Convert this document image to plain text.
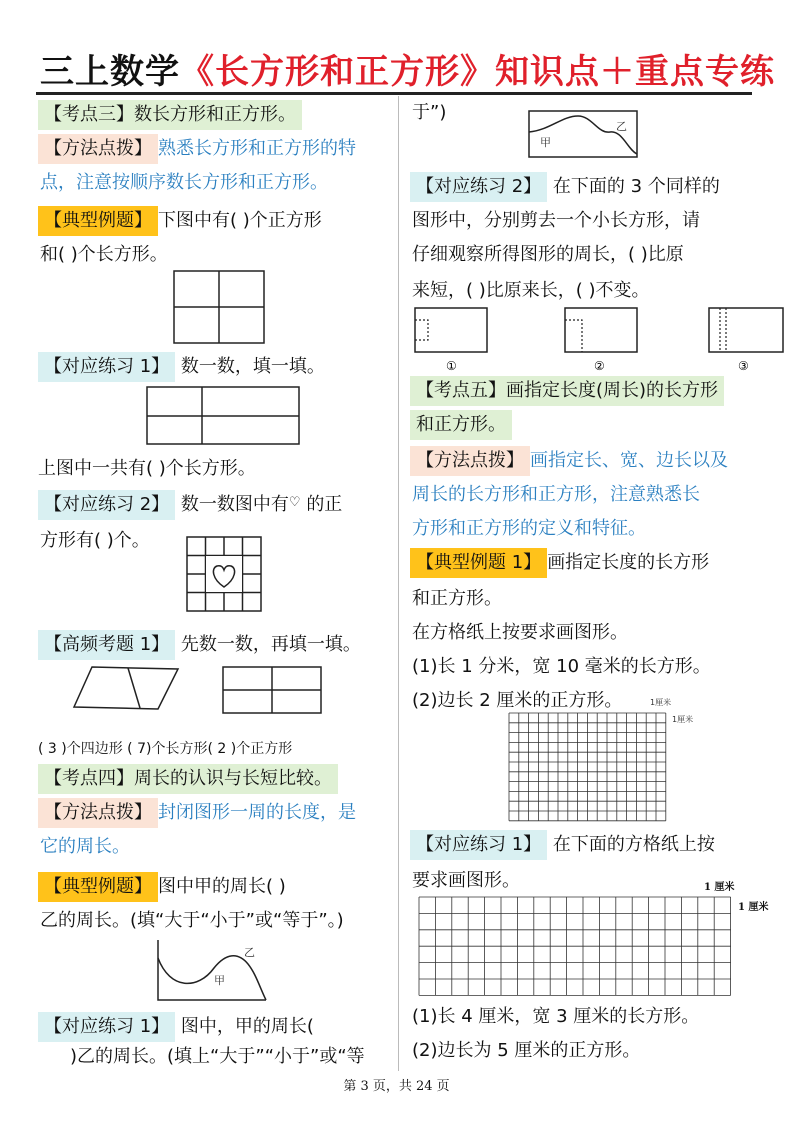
三上数学《长方形和正方形》知识点＋重点专练
【考点三】数长方形和正方形。
【方法点拨】 熟悉长方形和正方形的特
点，注意按顺序数长方形和正方形。
【典型例题】 下图中有( )个正方形
和( )个长方形。
【对应练习 1】 数一数，填一填。
上图中一共有( )个长方形。
【对应练习 2】 数一数图中有♡ 的正
方形有( )个。
【高频考题 1】 先数一数，再填一填。
( 3 )个四边形 ( 7)个长方形( 2 )个正方形
【考点四】周长的认识与长短比较。
【方法点拨】 封闭图形一周的长度，是
它的周长。
【典型例题】 图中甲的周长( )
乙的周长。(填“大于“小于”或“等于”。)
乙
甲
【对应练习 1】 图中，甲的周长(
)乙的周长。(填上“大于”“小于”或“等
于”)
乙
甲
【对应练习 2】 在下面的 3 个同样的
图形中，分别剪去一个小长方形，请
仔细观察所得图形的周长，( )比原
来短，( )比原来长，( )不变。
①	②	③
【考点五】画指定长度(周长)的长方形
和正方形。
【方法点拨】 画指定长、宽、边长以及
周长的长方形和正方形，注意熟悉长
方形和正方形的定义和特征。
【典型例题 1】 画指定长度的长方形
和正方形。
在方格纸上按要求画图形。
(1)长 1 分米，宽 10 毫米的长方形。
(2)边长 2 厘米的正方形。	1厘米
1厘米
【对应练习 1】 在下面的方格纸上按
要求画图形。	1 厘米
1 厘米
(1)长 4 厘米，宽 3 厘米的长方形。
(2)边长为 5 厘米的正方形。
第 3 页，共 24 页
